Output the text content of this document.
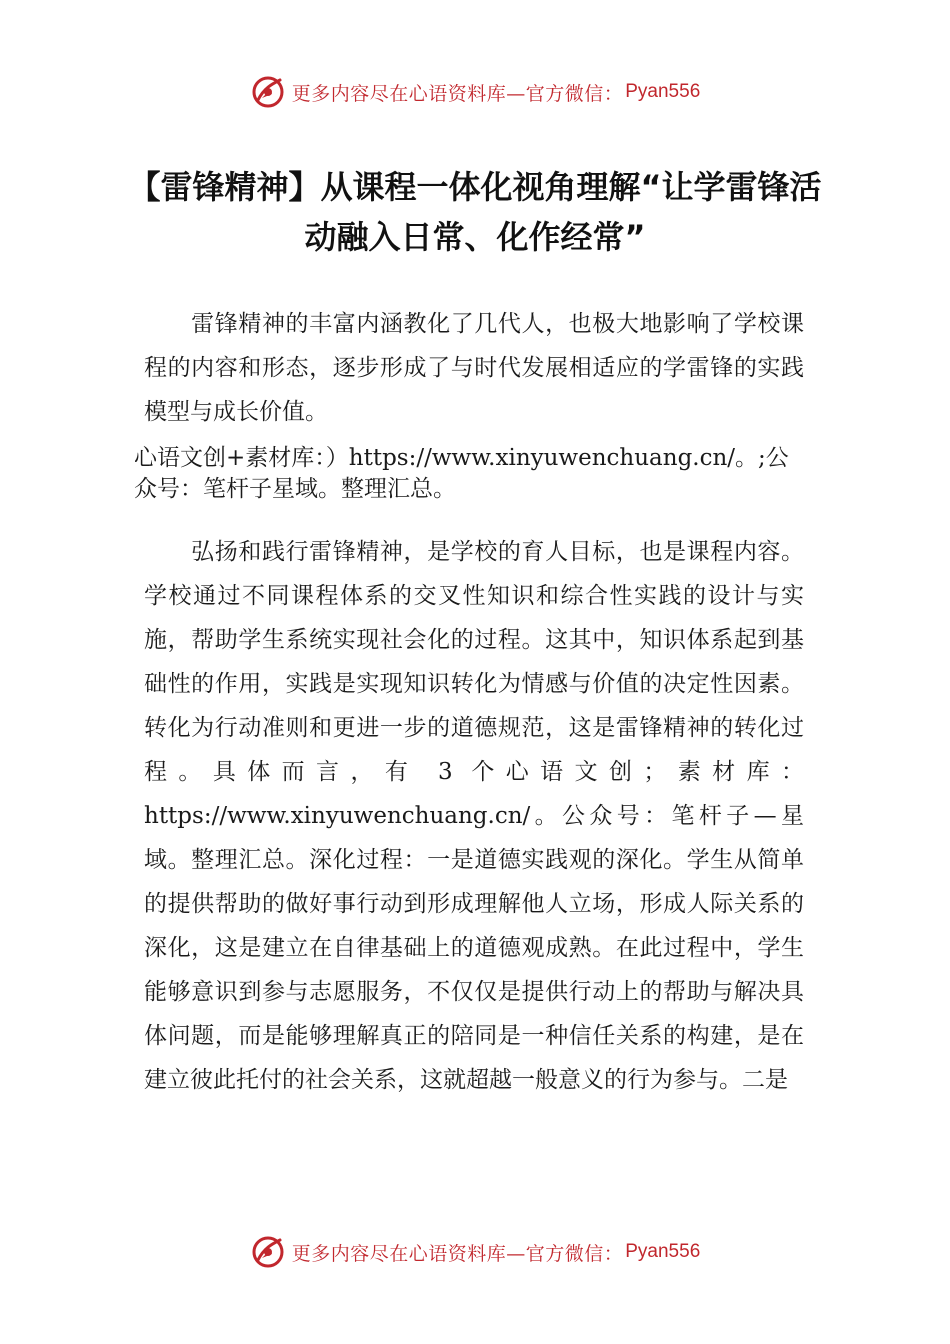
更多内容尽在心语资料库—官方微信： Pyan556
【雷锋精神】从课程一体化视角理解“让学雷锋活动融入日常、化作经常”

　　雷锋精神的丰富内涵教化了几代人，也极大地影响了学校课程的内容和形态，逐步形成了与时代发展相适应的学雷锋的实践模型与成长价值。

心语文创+素材库：）https://www.xinyuwenchuang.cn/。;公众号：笔杆子星域。整理汇总。

　　弘扬和践行雷锋精神，是学校的育人目标，也是课程内容。学校通过不同课程体系的交叉性知识和综合性实践的设计与实施，帮助学生系统实现社会化的过程。这其中，知识体系起到基础性的作用，实践是实现知识转化为情感与价值的决定性因素。转化为行动准则和更进一步的道德规范，这是雷锋精神的转化过程。具体而言，有 3 个心语文创；素材库：https://www.xinyuwenchuang.cn/。公众号：笔杆子—星域。整理汇总。深化过程：一是道德实践观的深化。学生从简单的提供帮助的做好事行动到形成理解他人立场，形成人际关系的深化，这是建立在自律基础上的道德观成熟。在此过程中，学生能够意识到参与志愿服务，不仅仅是提供行动上的帮助与解决具体问题，而是能够理解真正的陪同是一种信任关系的构建，是在建立彼此托付的社会关系，这就超越一般意义的行为参与。二是

更多内容尽在心语资料库—官方微信： Pyan556
